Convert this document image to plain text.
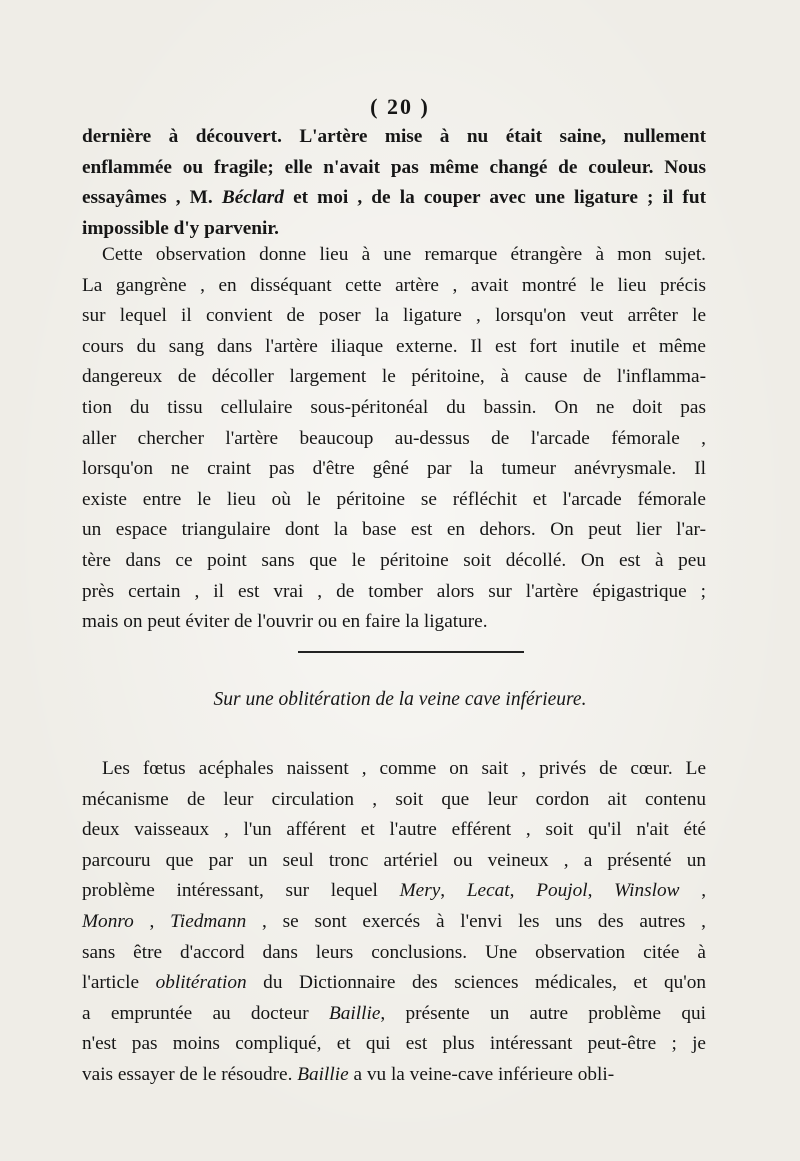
( 20 )
dernière à découvert. L'artère mise à nu était saine, nullement
enflammée ou fragile; elle n'avait pas même changé de couleur. Nous
essayâmes , M. Béclard et moi , de la couper avec une ligature ; il fut
impossible d'y parvenir.
Cette observation donne lieu à une remarque étrangère à mon sujet.
La gangrène , en disséquant cette artère , avait montré le lieu précis
sur lequel il convient de poser la ligature , lorsqu'on veut arrêter le
cours du sang dans l'artère iliaque externe. Il est fort inutile et même
dangereux de décoller largement le péritoine, à cause de l'inflamma-
tion du tissu cellulaire sous-péritonéal du bassin. On ne doit pas
aller chercher l'artère beaucoup au-dessus de l'arcade fémorale ,
lorsqu'on ne craint pas d'être gêné par la tumeur anévrysmale. Il
existe entre le lieu où le péritoine se réfléchit et l'arcade fémorale
un espace triangulaire dont la base est en dehors. On peut lier l'ar-
tère dans ce point sans que le péritoine soit décollé. On est à peu
près certain , il est vrai , de tomber alors sur l'artère épigastrique ;
mais on peut éviter de l'ouvrir ou en faire la ligature.
Sur une oblitération de la veine cave inférieure.
Les fœtus acéphales naissent , comme on sait , privés de cœur. Le
mécanisme de leur circulation , soit que leur cordon ait contenu
deux vaisseaux , l'un afférent et l'autre efférent , soit qu'il n'ait été
parcouru que par un seul tronc artériel ou veineux , a présenté un
problème intéressant, sur lequel Mery, Lecat, Poujol, Winslow ,
Monro , Tiedmann , se sont exercés à l'envi les uns des autres ,
sans être d'accord dans leurs conclusions. Une observation citée à
l'article oblitération du Dictionnaire des sciences médicales, et qu'on
a empruntée au docteur Baillie, présente un autre problème qui
n'est pas moins compliqué, et qui est plus intéressant peut-être ; je
vais essayer de le résoudre. Baillie a vu la veine-cave inférieure obli-
